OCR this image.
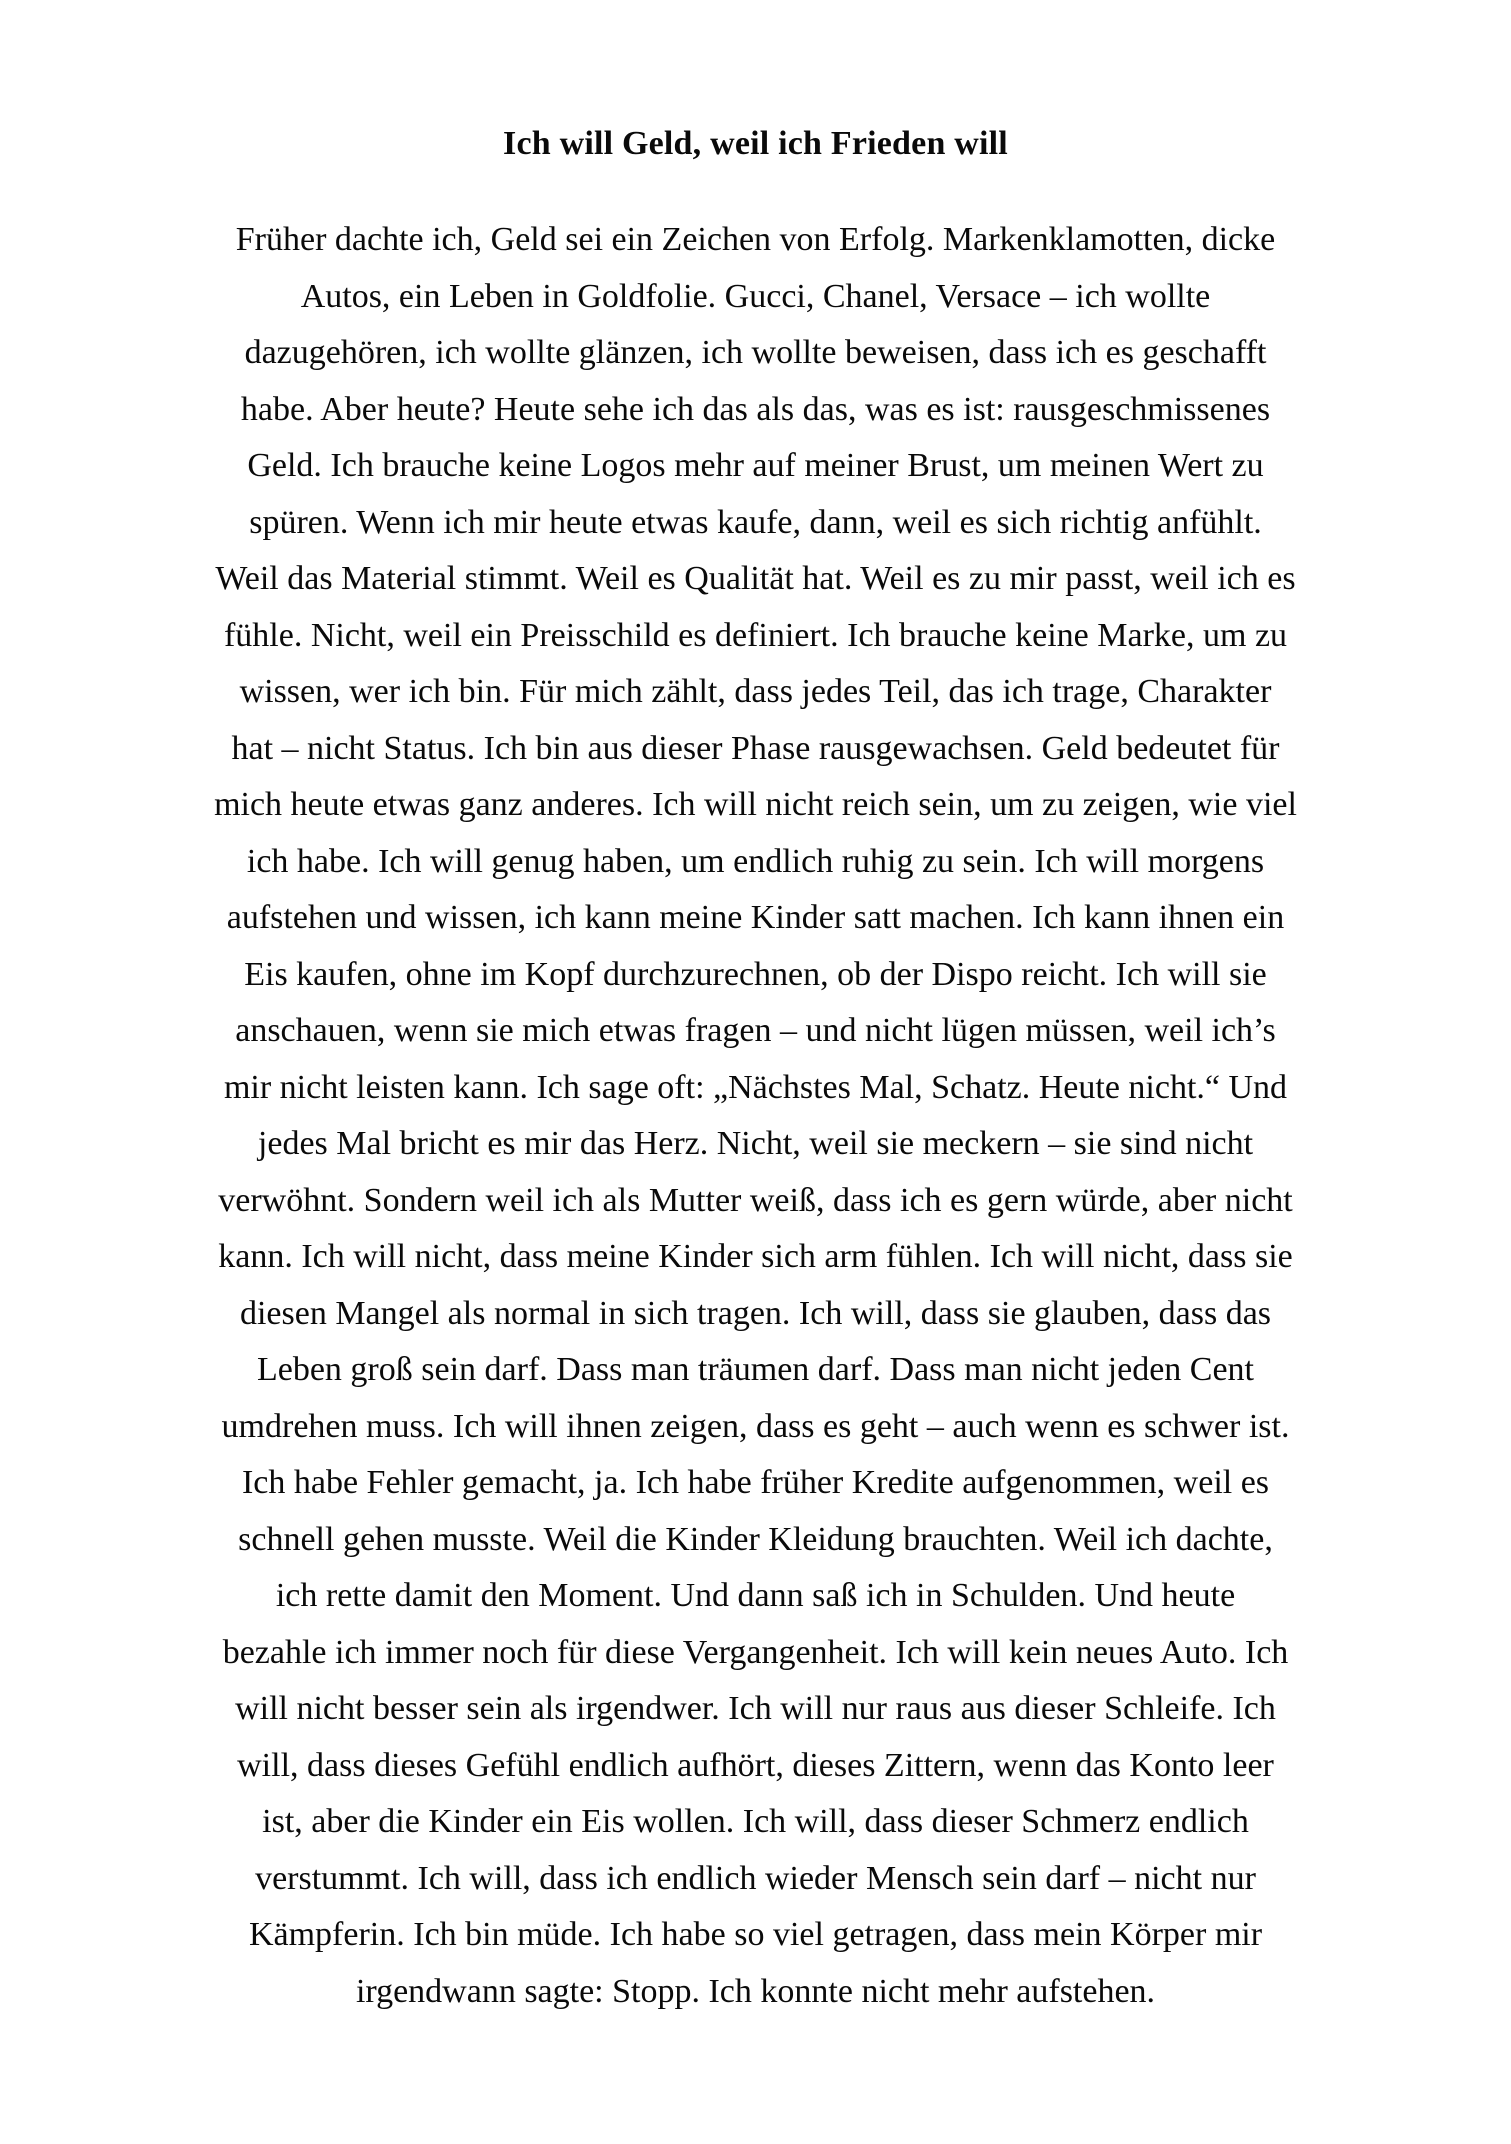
Ich will Geld, weil ich Frieden will
Früher dachte ich, Geld sei ein Zeichen von Erfolg. Markenklamotten, dicke
Autos, ein Leben in Goldfolie. Gucci, Chanel, Versace – ich wollte
dazugehören, ich wollte glänzen, ich wollte beweisen, dass ich es geschafft
habe. Aber heute? Heute sehe ich das als das, was es ist: rausgeschmissenes
Geld. Ich brauche keine Logos mehr auf meiner Brust, um meinen Wert zu
spüren. Wenn ich mir heute etwas kaufe, dann, weil es sich richtig anfühlt.
Weil das Material stimmt. Weil es Qualität hat. Weil es zu mir passt, weil ich es
fühle. Nicht, weil ein Preisschild es definiert. Ich brauche keine Marke, um zu
wissen, wer ich bin. Für mich zählt, dass jedes Teil, das ich trage, Charakter
hat – nicht Status. Ich bin aus dieser Phase rausgewachsen. Geld bedeutet für
mich heute etwas ganz anderes. Ich will nicht reich sein, um zu zeigen, wie viel
ich habe. Ich will genug haben, um endlich ruhig zu sein. Ich will morgens
aufstehen und wissen, ich kann meine Kinder satt machen. Ich kann ihnen ein
Eis kaufen, ohne im Kopf durchzurechnen, ob der Dispo reicht. Ich will sie
anschauen, wenn sie mich etwas fragen – und nicht lügen müssen, weil ich’s
mir nicht leisten kann. Ich sage oft: „Nächstes Mal, Schatz. Heute nicht.“ Und
jedes Mal bricht es mir das Herz. Nicht, weil sie meckern – sie sind nicht
verwöhnt. Sondern weil ich als Mutter weiß, dass ich es gern würde, aber nicht
kann. Ich will nicht, dass meine Kinder sich arm fühlen. Ich will nicht, dass sie
diesen Mangel als normal in sich tragen. Ich will, dass sie glauben, dass das
Leben groß sein darf. Dass man träumen darf. Dass man nicht jeden Cent
umdrehen muss. Ich will ihnen zeigen, dass es geht – auch wenn es schwer ist.
Ich habe Fehler gemacht, ja. Ich habe früher Kredite aufgenommen, weil es
schnell gehen musste. Weil die Kinder Kleidung brauchten. Weil ich dachte,
ich rette damit den Moment. Und dann saß ich in Schulden. Und heute
bezahle ich immer noch für diese Vergangenheit. Ich will kein neues Auto. Ich
will nicht besser sein als irgendwer. Ich will nur raus aus dieser Schleife. Ich
will, dass dieses Gefühl endlich aufhört, dieses Zittern, wenn das Konto leer
ist, aber die Kinder ein Eis wollen. Ich will, dass dieser Schmerz endlich
verstummt. Ich will, dass ich endlich wieder Mensch sein darf – nicht nur
Kämpferin. Ich bin müde. Ich habe so viel getragen, dass mein Körper mir
irgendwann sagte: Stopp. Ich konnte nicht mehr aufstehen.
